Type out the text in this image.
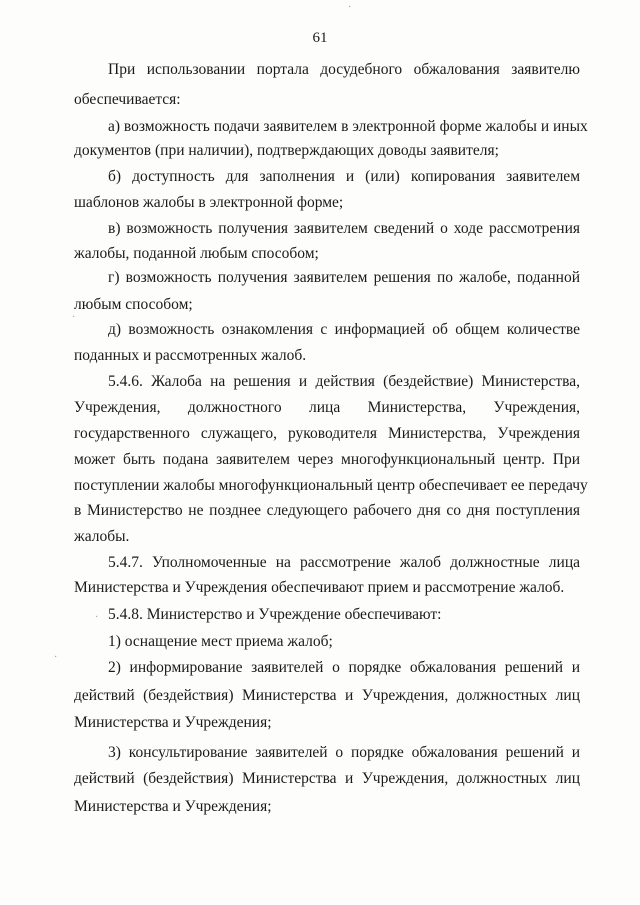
61
При использовании портала досудебного обжалования заявителю
обеспечивается:
а) возможность подачи заявителем в электронной форме жалобы и иных
документов (при наличии), подтверждающих доводы заявителя;
б) доступность для заполнения и (или) копирования заявителем
шаблонов жалобы в электронной форме;
в) возможность получения заявителем сведений о ходе рассмотрения
жалобы, поданной любым способом;
г) возможность получения заявителем решения по жалобе, поданной
любым способом;
д) возможность ознакомления с информацией об общем количестве
поданных и рассмотренных жалоб.
5.4.6. Жалоба на решения и действия (бездействие) Министерства,
Учреждения, должностного лица Министерства, Учреждения,
государственного служащего, руководителя Министерства, Учреждения
может быть подана заявителем через многофункциональный центр. При
поступлении жалобы многофункциональный центр обеспечивает ее передачу
в Министерство не позднее следующего рабочего дня со дня поступления
жалобы.
5.4.7. Уполномоченные на рассмотрение жалоб должностные лица
Министерства и Учреждения обеспечивают прием и рассмотрение жалоб.
5.4.8. Министерство и Учреждение обеспечивают:
1) оснащение мест приема жалоб;
2) информирование заявителей о порядке обжалования решений и
действий (бездействия) Министерства и Учреждения, должностных лиц
Министерства и Учреждения;
3) консультирование заявителей о порядке обжалования решений и
действий (бездействия) Министерства и Учреждения, должностных лиц
Министерства и Учреждения;
·
·
·
·
